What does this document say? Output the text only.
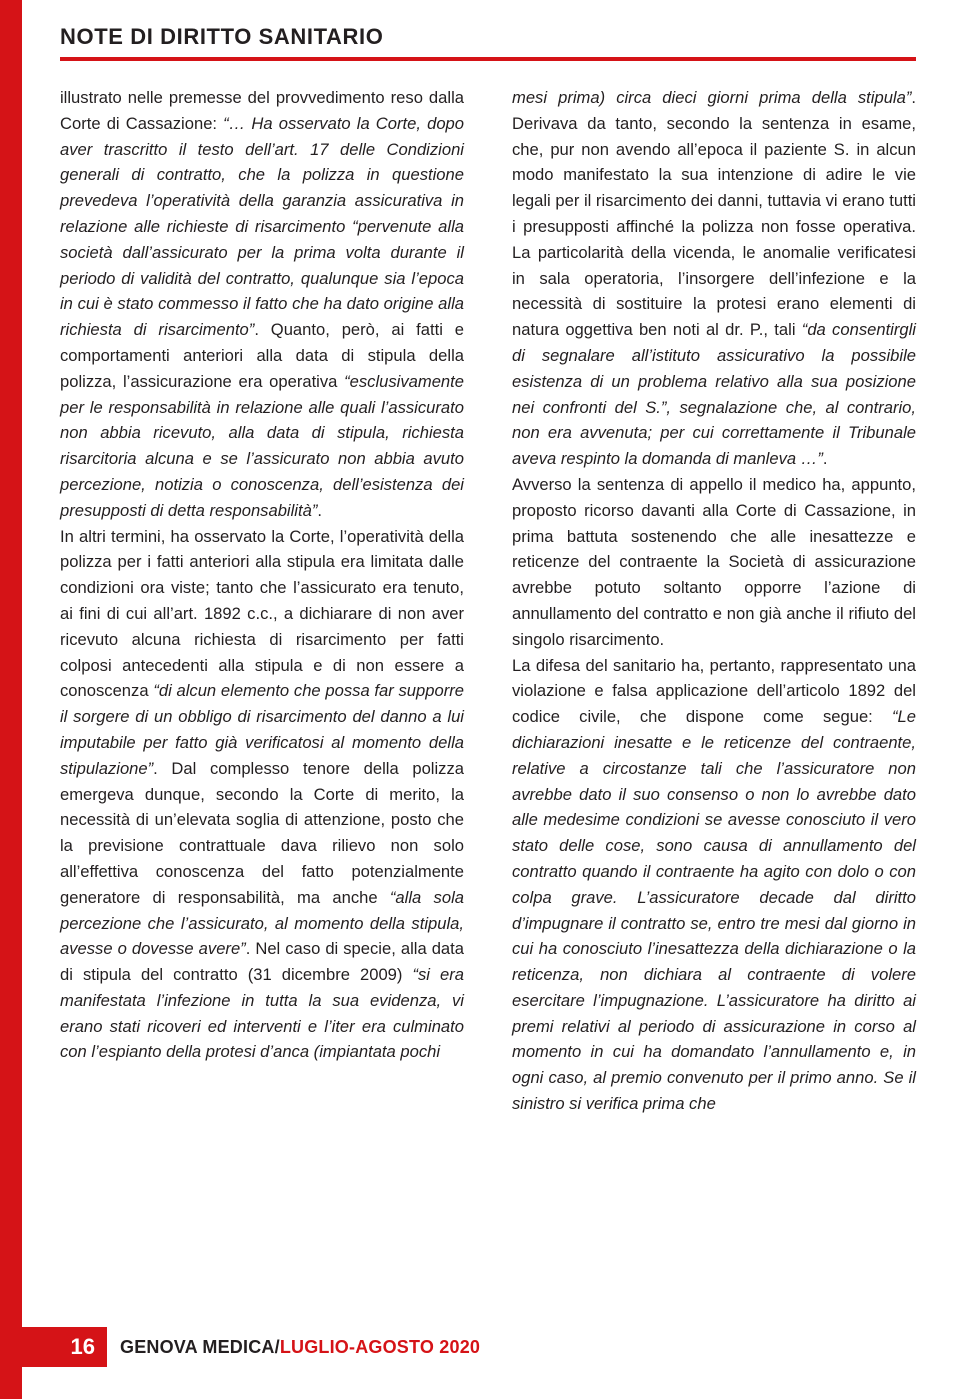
NOTE DI DIRITTO SANITARIO

illustrato nelle premesse del provvedimento reso dalla Corte di Cassazione: “… Ha osservato la Corte, dopo aver trascritto il testo dell’art. 17 delle Condizioni generali di contratto, che la polizza in questione prevedeva l’operatività della garanzia assicurativa in relazione alle richieste di risarcimento “pervenute alla società dall’assicurato per la prima volta durante il periodo di validità del contratto, qualunque sia l’epoca in cui è stato commesso il fatto che ha dato origine alla richiesta di risarcimento”. Quanto, però, ai fatti e comportamenti anteriori alla data di stipula della polizza, l’assicurazione era operativa “esclusivamente per le responsabilità in relazione alle quali l’assicurato non abbia ricevuto, alla data di stipula, richiesta risarcitoria alcuna e se l’assicurato non abbia avuto percezione, notizia o conoscenza, dell’esistenza dei presupposti di detta responsabilità”.

In altri termini, ha osservato la Corte, l’operatività della polizza per i fatti anteriori alla stipula era limitata dalle condizioni ora viste; tanto che l’assicurato era tenuto, ai fini di cui all’art. 1892 c.c., a dichiarare di non aver ricevuto alcuna richiesta di risarcimento per fatti colposi antecedenti alla stipula e di non essere a conoscenza “di alcun elemento che possa far supporre il sorgere di un obbligo di risarcimento del danno a lui imputabile per fatto già verificatosi al momento della stipulazione”. Dal complesso tenore della polizza emergeva dunque, secondo la Corte di merito, la necessità di un’elevata soglia di attenzione, posto che la previsione contrattuale dava rilievo non solo all’effettiva conoscenza del fatto potenzialmente generatore di responsabilità, ma anche “alla sola percezione che l’assicurato, al momento della stipula, avesse o dovesse avere”. Nel caso di specie, alla data di stipula del contratto (31 dicembre 2009) “si era manifestata l’infezione in tutta la sua evidenza, vi erano stati ricoveri ed interventi e l’iter era culminato con l’espianto della protesi d’anca (impiantata pochi

mesi prima) circa dieci giorni prima della stipula”. Derivava da tanto, secondo la sentenza in esame, che, pur non avendo all’epoca il paziente S. in alcun modo manifestato la sua intenzione di adire le vie legali per il risarcimento dei danni, tuttavia vi erano tutti i presupposti affinché la polizza non fosse operativa. La particolarità della vicenda, le anomalie verificatesi in sala operatoria, l’insorgere dell’infezione e la necessità di sostituire la protesi erano elementi di natura oggettiva ben noti al dr. P., tali “da consentirgli di segnalare all’istituto assicurativo la possibile esistenza di un problema relativo alla sua posizione nei confronti del S.”, segnalazione che, al contrario, non era avvenuta; per cui correttamente il Tribunale aveva respinto la domanda di manleva …”.

Avverso la sentenza di appello il medico ha, appunto, proposto ricorso davanti alla Corte di Cassazione, in prima battuta sostenendo che alle inesattezze e reticenze del contraente la Società di assicurazione avrebbe potuto soltanto opporre l’azione di annullamento del contratto e non già anche il rifiuto del singolo risarcimento.

La difesa del sanitario ha, pertanto, rappresentato una violazione e falsa applicazione dell’articolo 1892 del codice civile, che dispone come segue: “Le dichiarazioni inesatte e le reticenze del contraente, relative a circostanze tali che l’assicuratore non avrebbe dato il suo consenso o non lo avrebbe dato alle medesime condizioni se avesse conosciuto il vero stato delle cose, sono causa di annullamento del contratto quando il contraente ha agito con dolo o con colpa grave. L’assicuratore decade dal diritto d’impugnare il contratto se, entro tre mesi dal giorno in cui ha conosciuto l’inesattezza della dichiarazione o la reticenza, non dichiara al contraente di volere esercitare l’impugnazione. L’assicuratore ha diritto ai premi relativi al periodo di assicurazione in corso al momento in cui ha domandato l’annullamento e, in ogni caso, al premio convenuto per il primo anno. Se il sinistro si verifica prima che

16	GENOVA MEDICA/ LUGLIO-AGOSTO 2020
